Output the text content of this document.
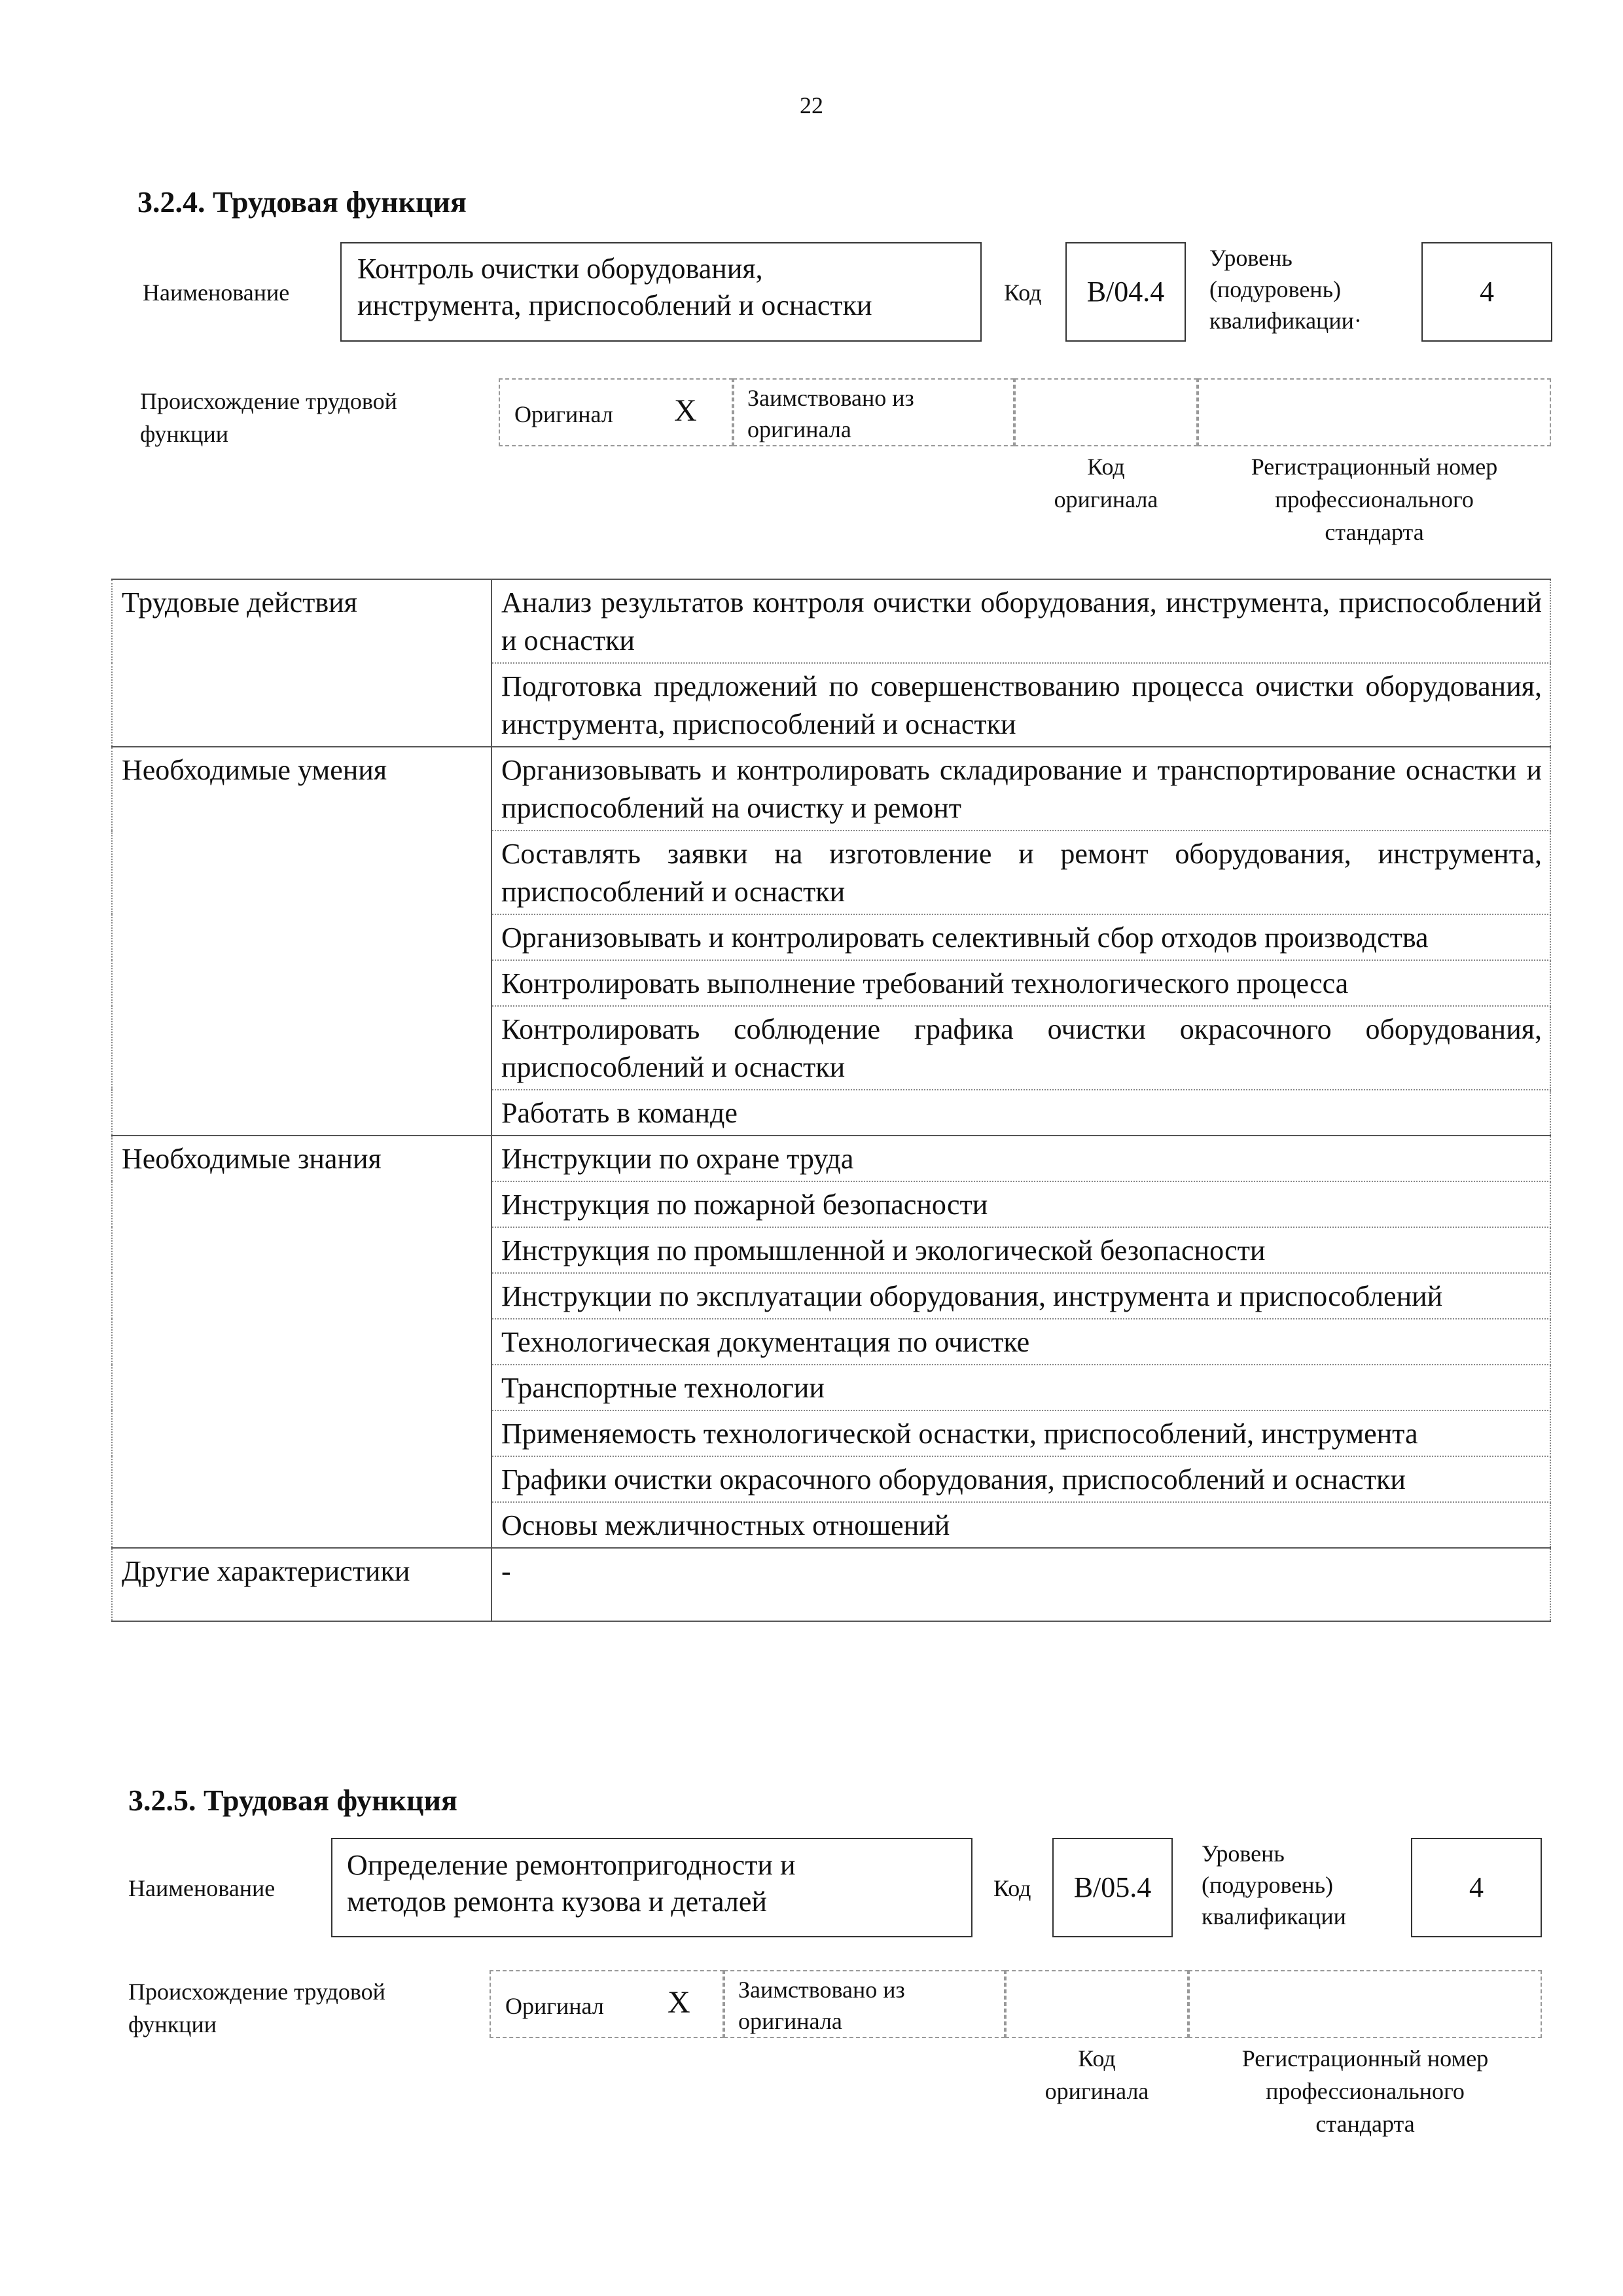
22
3.2.4. Трудовая функция
Наименование
Контроль очистки оборудования,
инструмента, приспособлений и оснастки	Код	B/04.4
Уровень
(подуровень)
квалификации·
4
Происхождение трудовой
функции
Оригинал X Заимствовано из
оригинала
Код
оригинала
Регистрационный номер
профессионального
стандарта
Трудовые действия	Анализ результатов контроля очистки оборудования, инструмента, приспособлений и оснастки
	Подготовка предложений по совершенствованию процесса очистки оборудования, инструмента, приспособлений и оснастки
Необходимые умения	Организовывать и контролировать складирование и транспортирование оснастки и приспособлений на очистку и ремонт
	Составлять заявки на изготовление и ремонт оборудования, инструмента, приспособлений и оснастки
	Организовывать и контролировать селективный сбор отходов производства
	Контролировать выполнение требований технологического процесса
	Контролировать соблюдение графика очистки окрасочного оборудования, приспособлений и оснастки
	Работать в команде
Необходимые знания	Инструкции по охране труда
	Инструкция по пожарной безопасности
	Инструкция по промышленной и экологической безопасности
	Инструкции по эксплуатации оборудования, инструмента и приспособлений
	Технологическая документация по очистке
	Транспортные технологии
	Применяемость технологической оснастки, приспособлений, инструмента
	Графики очистки окрасочного оборудования, приспособлений и оснастки
	Основы межличностных отношений
Другие характеристики	-
3.2.5. Трудовая функция
Наименование
Определение ремонтопригодности и
методов ремонта кузова и деталей	Код	B/05.4
Уровень
(подуровень)
квалификации
4
Происхождение трудовой
функции
Оригинал X Заимствовано из
оригинала
Код
оригинала
Регистрационный номер
профессионального
стандарта
